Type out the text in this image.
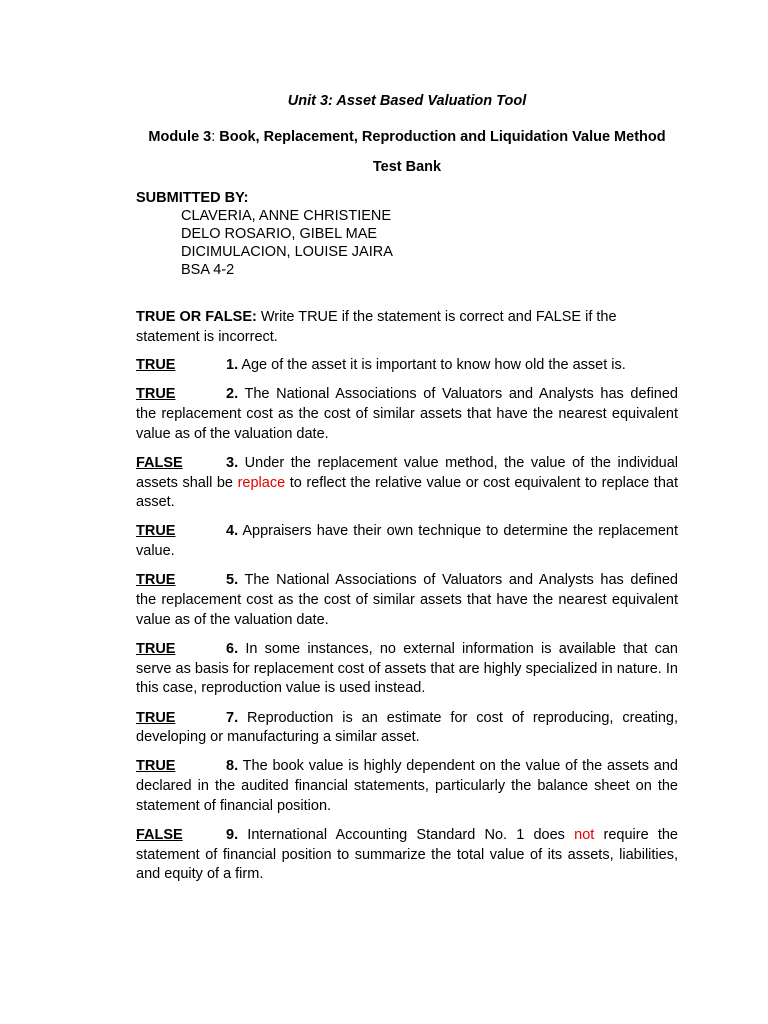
Unit 3: Asset Based Valuation Tool
Module 3: Book, Replacement, Reproduction and Liquidation Value Method
Test Bank
SUBMITTED BY:
CLAVERIA, ANNE CHRISTIENE
DELO ROSARIO, GIBEL MAE
DICIMULACION, LOUISE JAIRA
BSA 4-2
TRUE OR FALSE: Write TRUE if the statement is correct and FALSE if the statement is incorrect.
TRUE	1. Age of the asset it is important to know how old the asset is.
TRUE	2. The National Associations of Valuators and Analysts has defined the replacement cost as the cost of similar assets that have the nearest equivalent value as of the valuation date.
FALSE	3. Under the replacement value method, the value of the individual assets shall be replace to reflect the relative value or cost equivalent to replace that asset.
TRUE	4. Appraisers have their own technique to determine the replacement value.
TRUE	5. The National Associations of Valuators and Analysts has defined the replacement cost as the cost of similar assets that have the nearest equivalent value as of the valuation date.
TRUE	6. In some instances, no external information is available that can serve as basis for replacement cost of assets that are highly specialized in nature. In this case, reproduction value is used instead.
TRUE	7. Reproduction is an estimate for cost of reproducing, creating, developing or manufacturing a similar asset.
TRUE	8. The book value is highly dependent on the value of the assets and declared in the audited financial statements, particularly the balance sheet on the statement of financial position.
FALSE	9. International Accounting Standard No. 1 does not require the statement of financial position to summarize the total value of its assets, liabilities, and equity of a firm.
